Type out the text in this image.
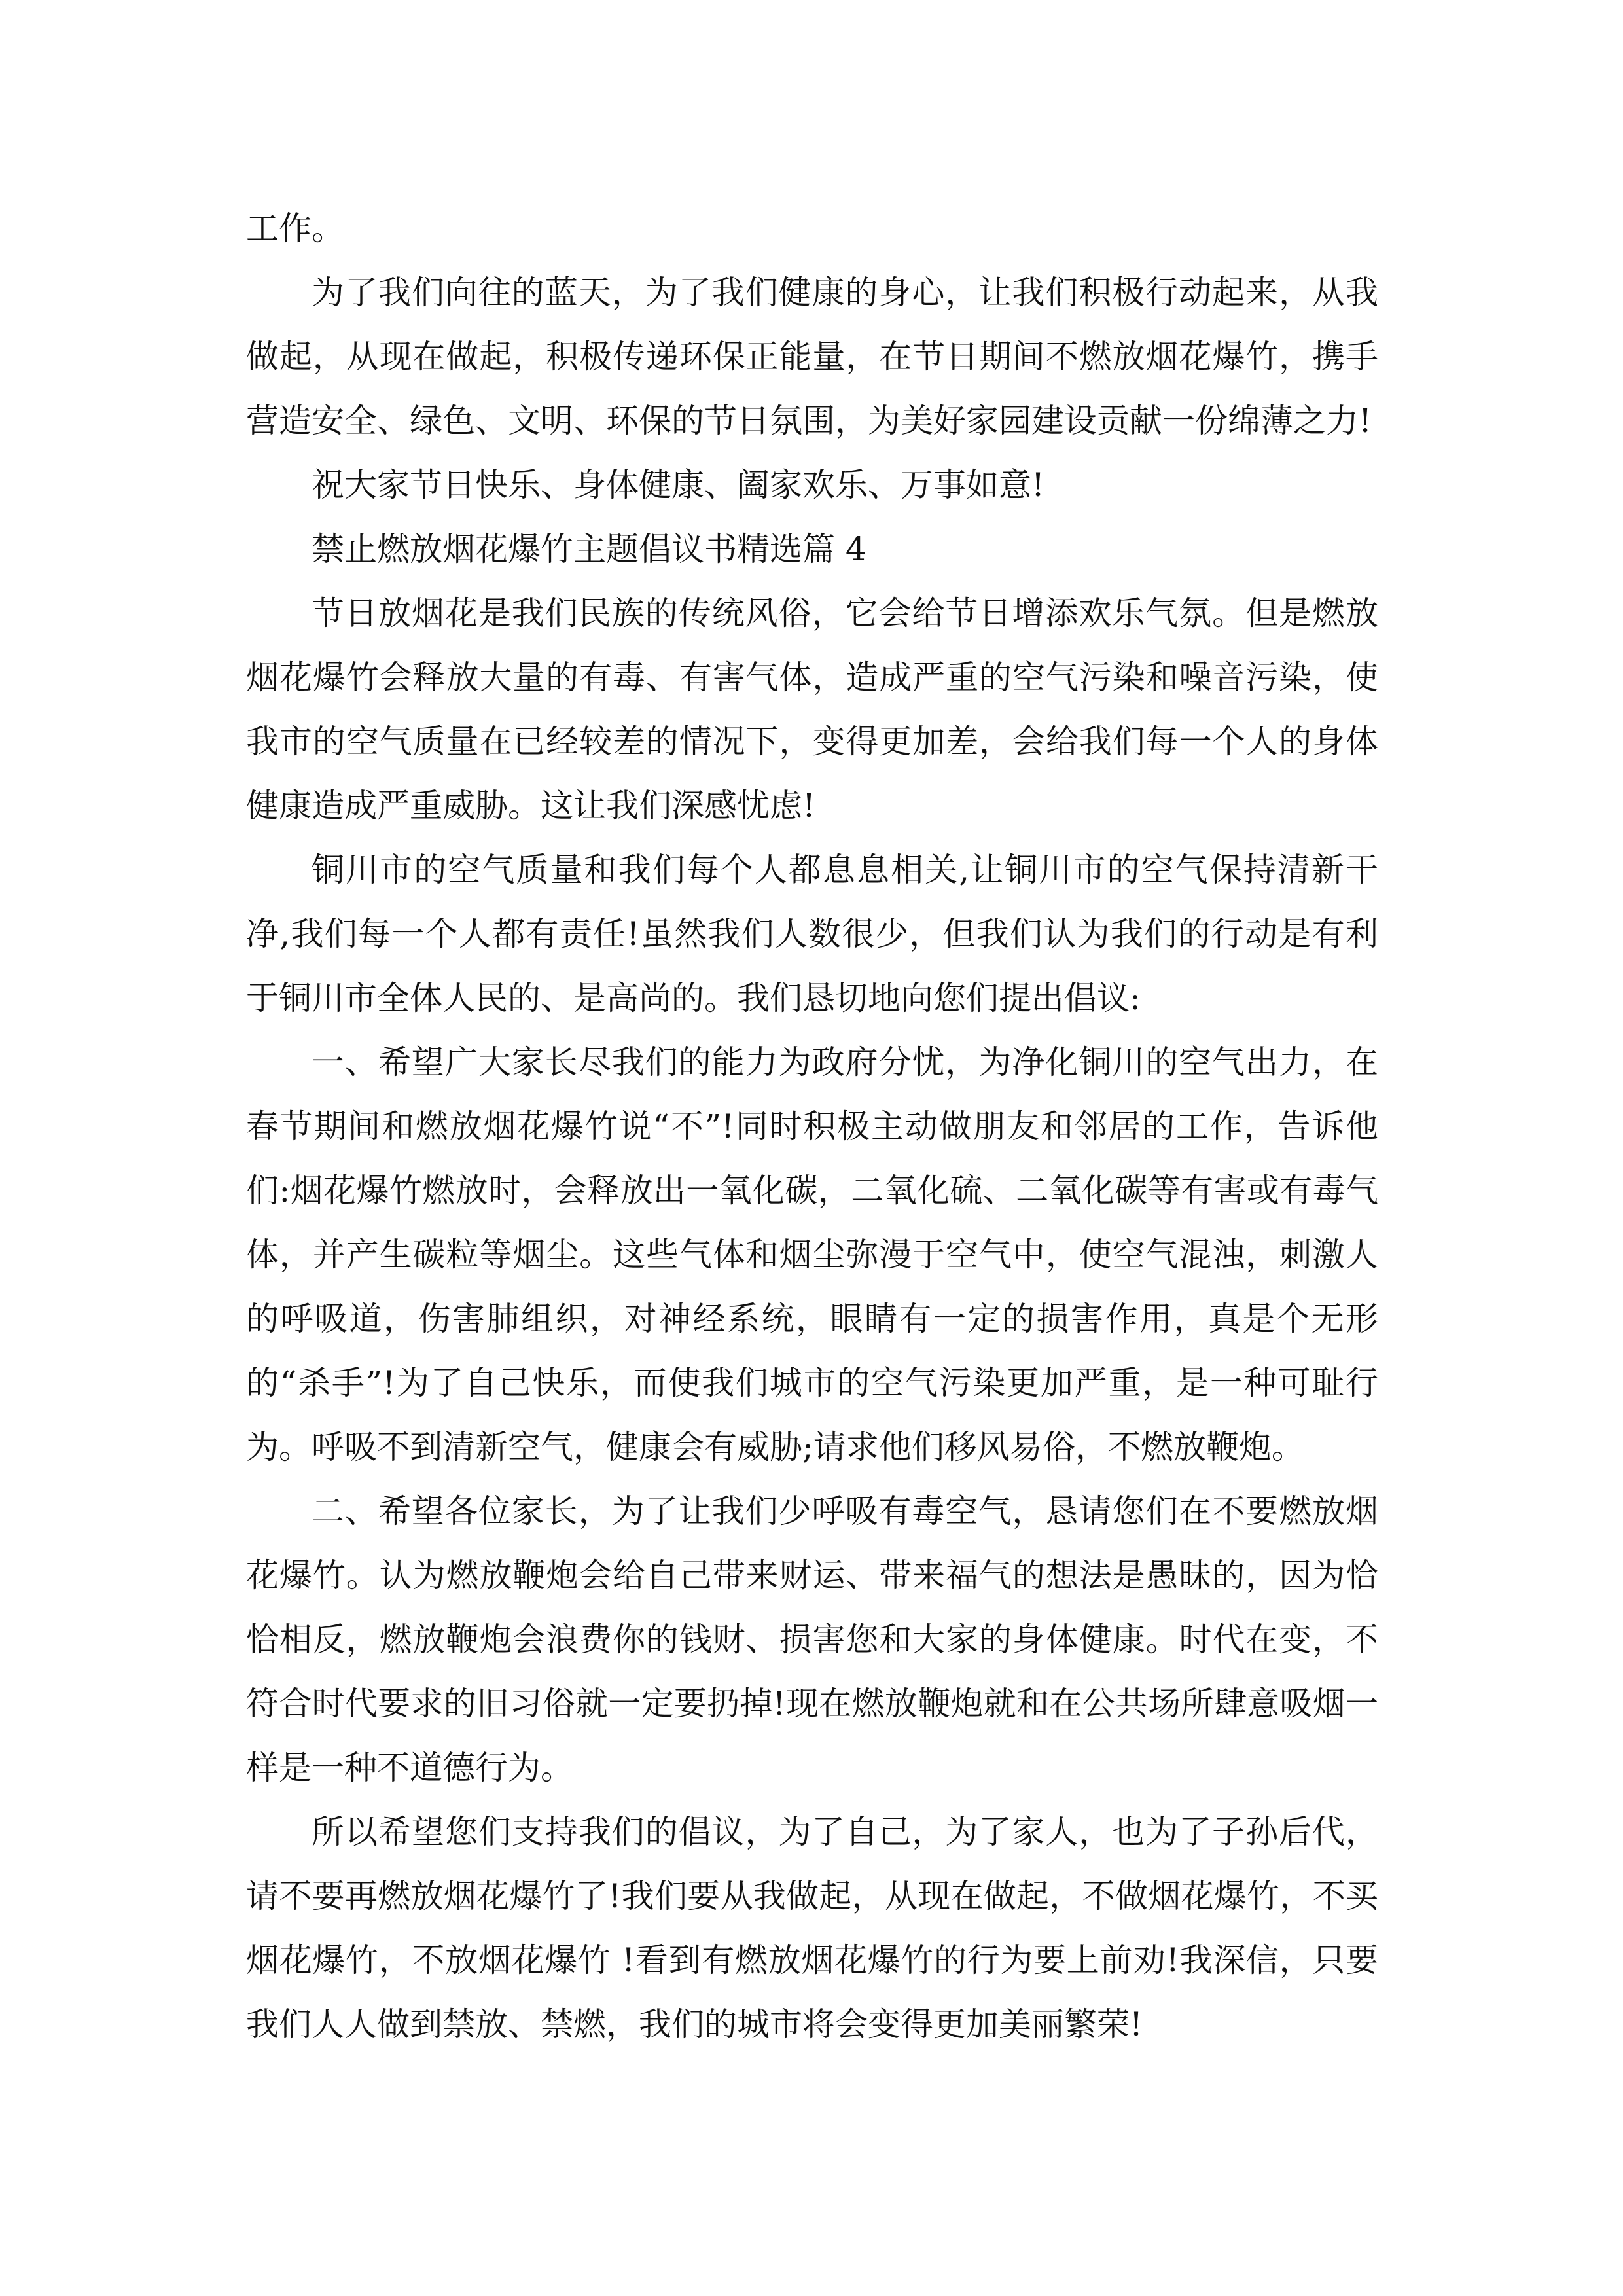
工作。

为了我们向往的蓝天，为了我们健康的身心，让我们积极行动起来，从我做起，从现在做起，积极传递环保正能量，在节日期间不燃放烟花爆竹，携手营造安全、绿色、文明、环保的节日氛围，为美好家园建设贡献一份绵薄之力!

祝大家节日快乐、身体健康、阖家欢乐、万事如意!

禁止燃放烟花爆竹主题倡议书精选篇 4

节日放烟花是我们民族的传统风俗，它会给节日增添欢乐气氛。但是燃放烟花爆竹会释放大量的有毒、有害气体，造成严重的空气污染和噪音污染，使我市的空气质量在已经较差的情况下，变得更加差，会给我们每一个人的身体健康造成严重威胁。这让我们深感忧虑!

铜川市的空气质量和我们每个人都息息相关,让铜川市的空气保持清新干净,我们每一个人都有责任!虽然我们人数很少，但我们认为我们的行动是有利于铜川市全体人民的、是高尚的。我们恳切地向您们提出倡议:

一、希望广大家长尽我们的能力为政府分忧，为净化铜川的空气出力，在春节期间和燃放烟花爆竹说“不”!同时积极主动做朋友和邻居的工作，告诉他们:烟花爆竹燃放时，会释放出一氧化碳，二氧化硫、二氧化碳等有害或有毒气体，并产生碳粒等烟尘。这些气体和烟尘弥漫于空气中，使空气混浊，刺激人的呼吸道，伤害肺组织，对神经系统，眼睛有一定的损害作用，真是个无形的“杀手”!为了自己快乐，而使我们城市的空气污染更加严重，是一种可耻行为。呼吸不到清新空气，健康会有威胁;请求他们移风易俗，不燃放鞭炮。

二、希望各位家长，为了让我们少呼吸有毒空气，恳请您们在不要燃放烟花爆竹。认为燃放鞭炮会给自己带来财运、带来福气的想法是愚昧的，因为恰恰相反，燃放鞭炮会浪费你的钱财、损害您和大家的身体健康。时代在变，不符合时代要求的旧习俗就一定要扔掉!现在燃放鞭炮就和在公共场所肆意吸烟一样是一种不道德行为。

所以希望您们支持我们的倡议，为了自己，为了家人，也为了子孙后代，请不要再燃放烟花爆竹了!我们要从我做起，从现在做起，不做烟花爆竹，不买烟花爆竹，不放烟花爆竹 !看到有燃放烟花爆竹的行为要上前劝!我深信，只要我们人人做到禁放、禁燃，我们的城市将会变得更加美丽繁荣!
